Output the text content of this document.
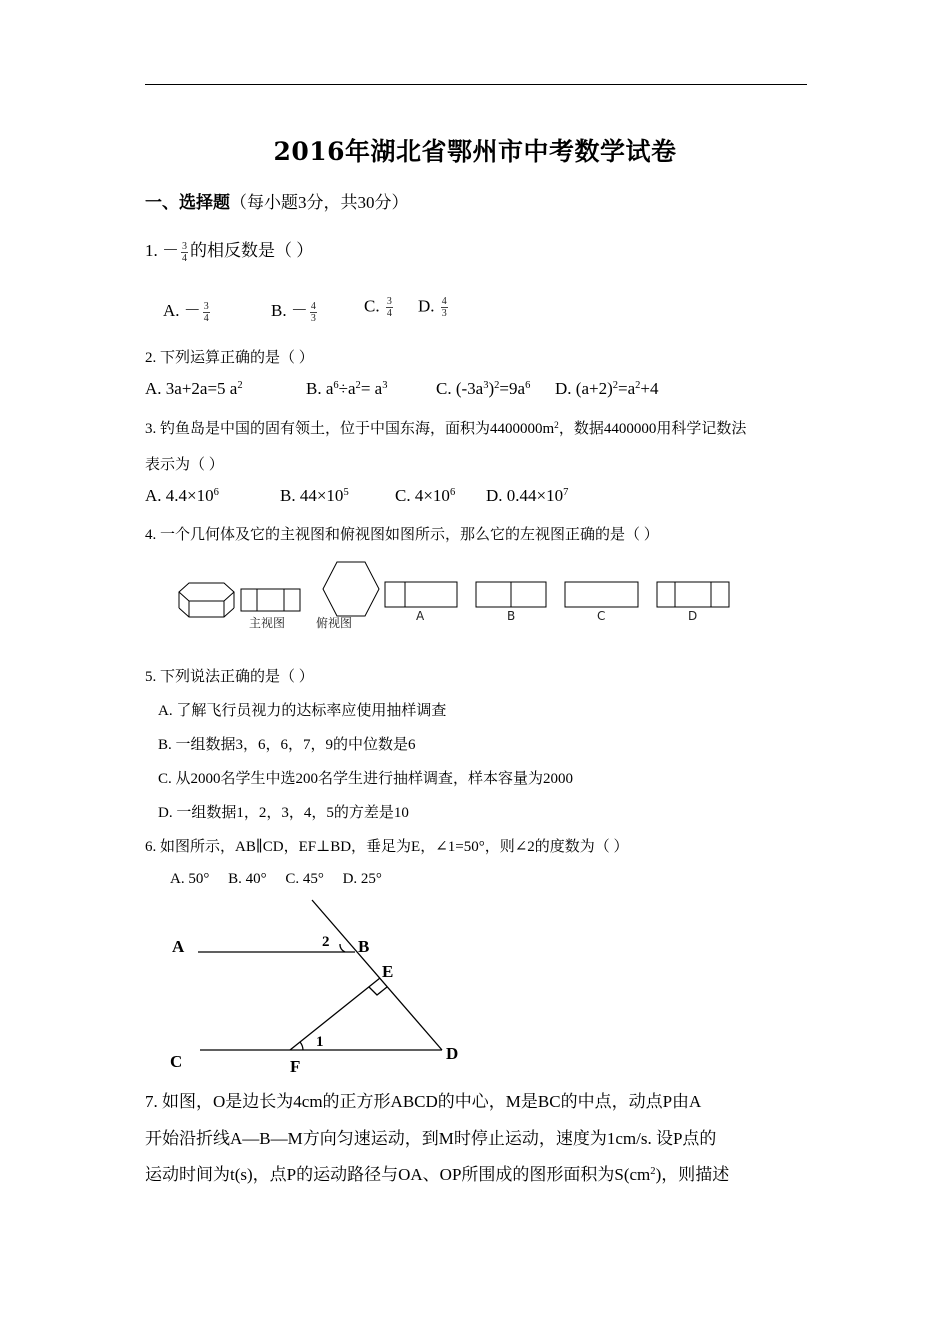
2016年湖北省鄂州市中考数学试卷
一、选择题（每小题3分，共30分）
1. － $\frac{3}{4}$ 的相反数是（ ）
A. － $\frac{3}{4}$	B. － $\frac{4}{3}$	C. $\frac{3}{4} D$. $\frac{4}{3}$
2. 下列运算正确的是（ ）
A. 3a+2a=5 $a^2$	B. $a^6\div a^2= a^3$	C. $(-3a^3)^2=9a^6$ D. $(a+2)^2=a^2+4$
3. 钓鱼岛是中国的固有领土，位于中国东海，面积为$4400000m^2$，数据4400000用科学记数法
表示为（ ）
A. $4.4\times 10^6$	B. $44\times 10^5$	C. $4\times 10^6$ D. $0.44\times 10^7$
4. 一个几何体及它的主视图和俯视图如图所示，那么它的左视图正确的是（ ）
主视图	俯视图	A	B	C	D
5. 下列说法正确的是（ ）
A. 了解飞行员视力的达标率应使用抽样调查
B. 一组数据3，6，6，7，9的中位数是6
C. 从2000名学生中选200名学生进行抽样调查，样本容量为2000
D. 一组数据1，2，3，4，5的方差是10
6. 如图所示，AB∥CD，EF⊥BD，垂足为E，∠1=50°，则∠2的度数为（ ）
A. 50°     B. 40°     C. 45°     D. 25°
A	B
C	D
E
F
2
1
7. 如图，O是边长为4cm的正方形ABCD的中心，M是BC的中点，动点P由A
开始沿折线A—B—M方向匀速运动，到M时停止运动，速度为1cm/s. 设P点的
运动时间为t(s)，点P的运动路径与OA、OP所围成的图形面积为$S(cm^2)$，则描述
